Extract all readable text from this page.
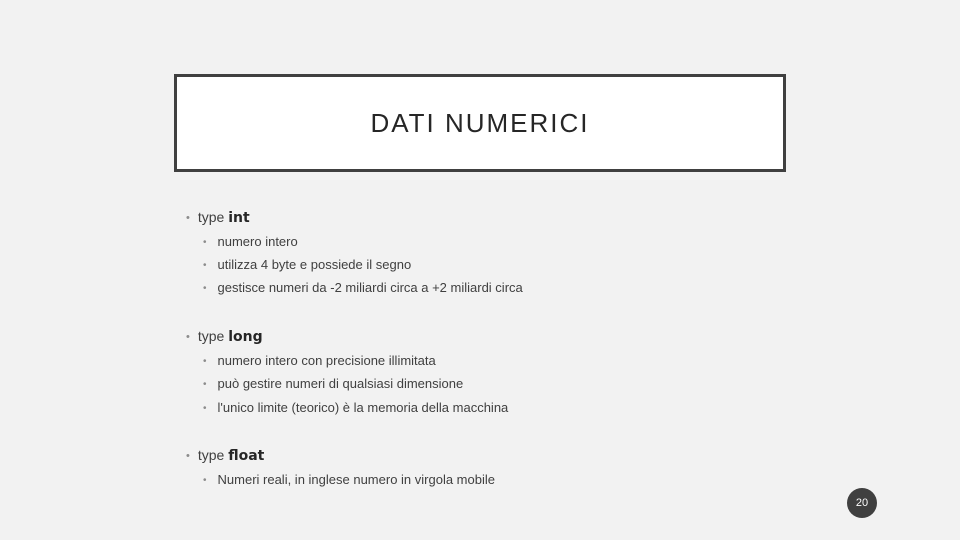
DATI NUMERICI
• type int
• numero intero
• utilizza 4 byte e possiede il segno
• gestisce numeri da -2 miliardi circa a +2 miliardi circa
• type long
• numero intero con precisione illimitata
• può gestire numeri di qualsiasi dimensione
• l'unico limite (teorico) è la memoria della macchina
• type float
• Numeri reali, in inglese numero in virgola mobile
20
